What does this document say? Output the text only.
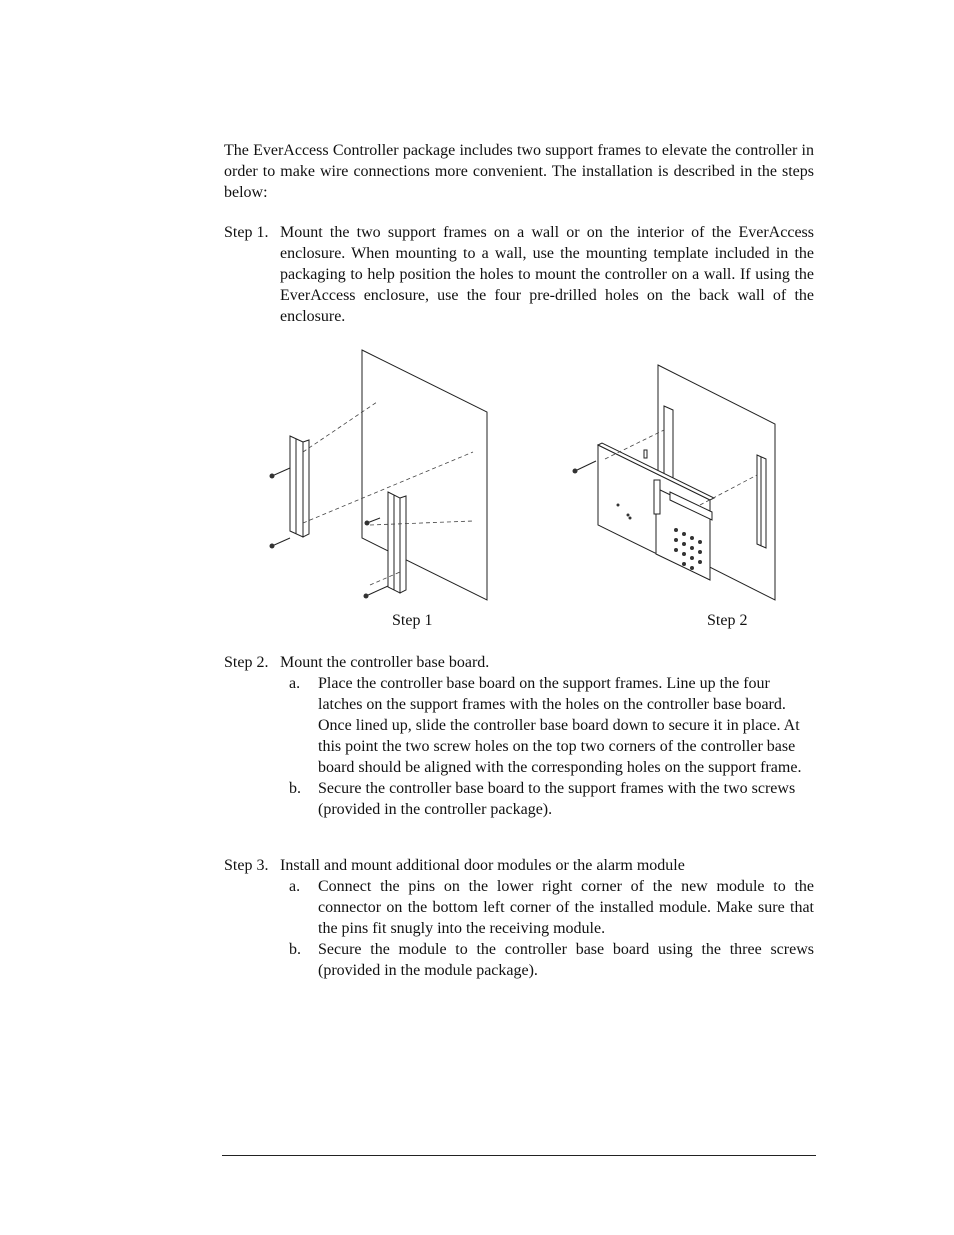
The EverAccess Controller package includes two support frames to elevate the controller in order to make wire connections more convenient. The installation is described in the steps below:

Step 1. Mount the two support frames on a wall or on the interior of the EverAccess enclosure. When mounting to a wall, use the mounting template included in the packaging to help position the holes to mount the controller on a wall. If using the EverAccess enclosure, use the four pre-drilled holes on the back wall of the enclosure.
Step 1	Step 2
Step 2. Mount the controller base board.
a.	Place the controller base board on the support frames. Line up the four latches on the support frames with the holes on the controller base board. Once lined up, slide the controller base board down to secure it in place. At this point the two screw holes on the top two corners of the controller base board should be aligned with the corresponding holes on the support frame.
b.	Secure the controller base board to the support frames with the two screws (provided in the controller package).
Step 3. Install and mount additional door modules or the alarm module
a.	Connect the pins on the lower right corner of the new module to the connector on the bottom left corner of the installed module. Make sure that the pins fit snugly into the receiving module.
b.	Secure the module to the controller base board using the three screws (provided in the module package).
